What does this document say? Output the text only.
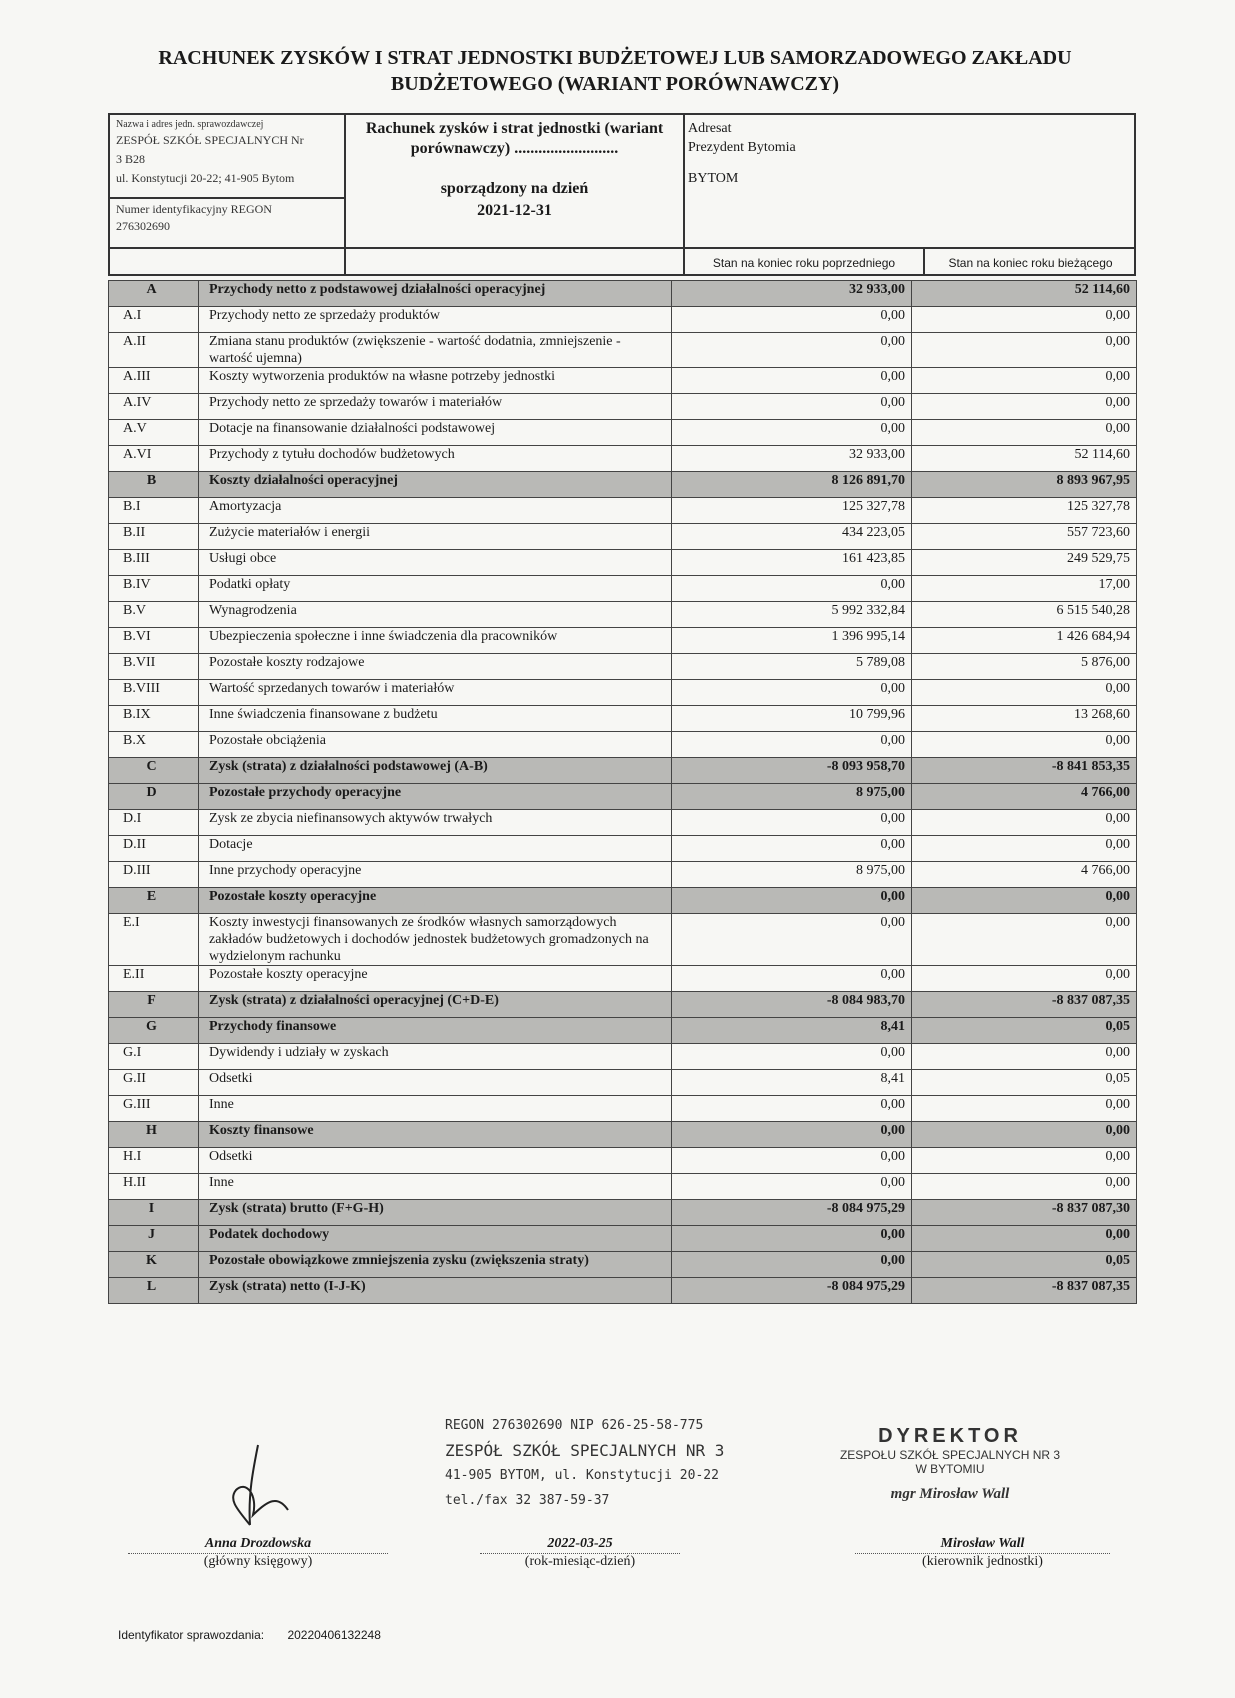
RACHUNEK ZYSKÓW I STRAT JEDNOSTKI BUDŻETOWEJ LUB SAMORZADOWEGO ZAKŁADU
BUDŻETOWEGO (WARIANT PORÓWNAWCZY)
Nazwa i adres jedn. sprawozdawczej
ZESPÓŁ SZKÓŁ SPECJALNYCH Nr
3 B28
ul. Konstytucji 20-22; 41-905 Bytom
Numer identyfikacyjny REGON
276302690
Rachunek zysków i strat jednostki (wariant porównawczy) ..........................
sporządzony na dzień
2021-12-31
Adresat
Prezydent Bytomia
BYTOM
Stan na koniec roku poprzedniego	Stan na koniec roku bieżącego
A	Przychody netto z podstawowej działalności operacyjnej	32 933,00	52 114,60
A.I	Przychody netto ze sprzedaży produktów	0,00	0,00
A.II	Zmiana stanu produktów (zwiększenie - wartość dodatnia, zmniejszenie - wartość ujemna)	0,00	0,00
A.III	Koszty wytworzenia produktów na własne potrzeby jednostki	0,00	0,00
A.IV	Przychody netto ze sprzedaży towarów i materiałów	0,00	0,00
A.V	Dotacje na finansowanie działalności podstawowej	0,00	0,00
A.VI	Przychody z tytułu dochodów budżetowych	32 933,00	52 114,60
B	Koszty działalności operacyjnej	8 126 891,70	8 893 967,95
B.I	Amortyzacja	125 327,78	125 327,78
B.II	Zużycie materiałów i energii	434 223,05	557 723,60
B.III	Usługi obce	161 423,85	249 529,75
B.IV	Podatki opłaty	0,00	17,00
B.V	Wynagrodzenia	5 992 332,84	6 515 540,28
B.VI	Ubezpieczenia społeczne i inne świadczenia dla pracowników	1 396 995,14	1 426 684,94
B.VII	Pozostałe koszty rodzajowe	5 789,08	5 876,00
B.VIII	Wartość sprzedanych towarów i materiałów	0,00	0,00
B.IX	Inne świadczenia finansowane z budżetu	10 799,96	13 268,60
B.X	Pozostałe obciążenia	0,00	0,00
C	Zysk (strata) z działalności podstawowej (A-B)	-8 093 958,70	-8 841 853,35
D	Pozostałe przychody operacyjne	8 975,00	4 766,00
D.I	Zysk ze zbycia niefinansowych aktywów trwałych	0,00	0,00
D.II	Dotacje	0,00	0,00
D.III	Inne przychody operacyjne	8 975,00	4 766,00
E	Pozostałe koszty operacyjne	0,00	0,00
E.I	Koszty inwestycji finansowanych ze środków własnych samorządowych zakładów budżetowych i dochodów jednostek budżetowych gromadzonych na wydzielonym rachunku	0,00	0,00
E.II	Pozostałe koszty operacyjne	0,00	0,00
F	Zysk (strata) z działalności operacyjnej (C+D-E)	-8 084 983,70	-8 837 087,35
G	Przychody finansowe	8,41	0,05
G.I	Dywidendy i udziały w zyskach	0,00	0,00
G.II	Odsetki	8,41	0,05
G.III	Inne	0,00	0,00
H	Koszty finansowe	0,00	0,00
H.I	Odsetki	0,00	0,00
H.II	Inne	0,00	0,00
I	Zysk (strata) brutto (F+G-H)	-8 084 975,29	-8 837 087,30
J	Podatek dochodowy	0,00	0,00
K	Pozostałe obowiązkowe zmniejszenia zysku (zwiększenia straty)	0,00	0,05
L	Zysk (strata) netto (I-J-K)	-8 084 975,29	-8 837 087,35
Anna Drozdowska
(główny księgowy)
REGON 276302690 NIP 626-25-58-775
ZESPÓŁ SZKÓŁ SPECJALNYCH NR 3
41-905 BYTOM, ul. Konstytucji 20-22
tel./fax 32 387-59-37
2022-03-25
(rok-miesiąc-dzień)
DYREKTOR
ZESPOŁU SZKÓŁ SPECJALNYCH NR 3
W BYTOMIU
mgr Mirosław Wall
Mirosław Wall
(kierownik jednostki)
Identyfikator sprawozdania: 20220406132248
